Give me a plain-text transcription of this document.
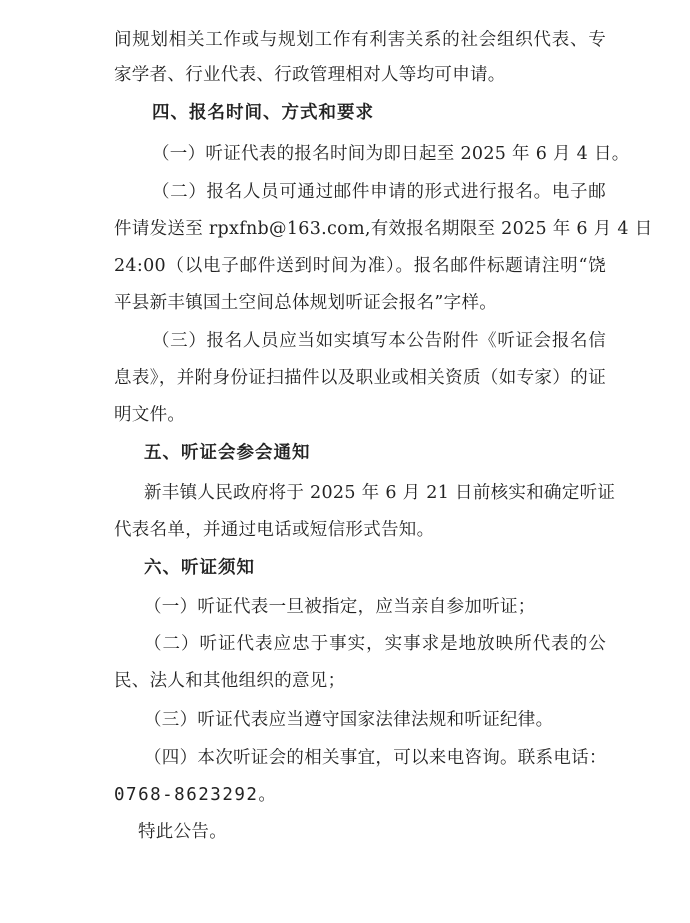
间规划相关工作或与规划工作有利害关系的社会组织代表、专
家学者、行业代表、行政管理相对人等均可申请。
四、报名时间、方式和要求
（一）听证代表的报名时间为即日起至 2025 年 6 月 4 日。
（二）报名人员可通过邮件申请的形式进行报名。电子邮
件请发送至 rpxfnb@163.com,有效报名期限至 2025 年 6 月 4 日
24:00（以电子邮件送到时间为准）。报名邮件标题请注明“饶
平县新丰镇国土空间总体规划听证会报名”字样。
（三）报名人员应当如实填写本公告附件《听证会报名信
息表》，并附身份证扫描件以及职业或相关资质（如专家）的证
明文件。
五、听证会参会通知
新丰镇人民政府将于 2025 年 6 月 21 日前核实和确定听证
代表名单，并通过电话或短信形式告知。
六、听证须知
（一）听证代表一旦被指定，应当亲自参加听证；
（二）听证代表应忠于事实，实事求是地放映所代表的公
民、法人和其他组织的意见；
（三）听证代表应当遵守国家法律法规和听证纪律。
（四）本次听证会的相关事宜，可以来电咨询。联系电话：
0768-8623292。
特此公告。
